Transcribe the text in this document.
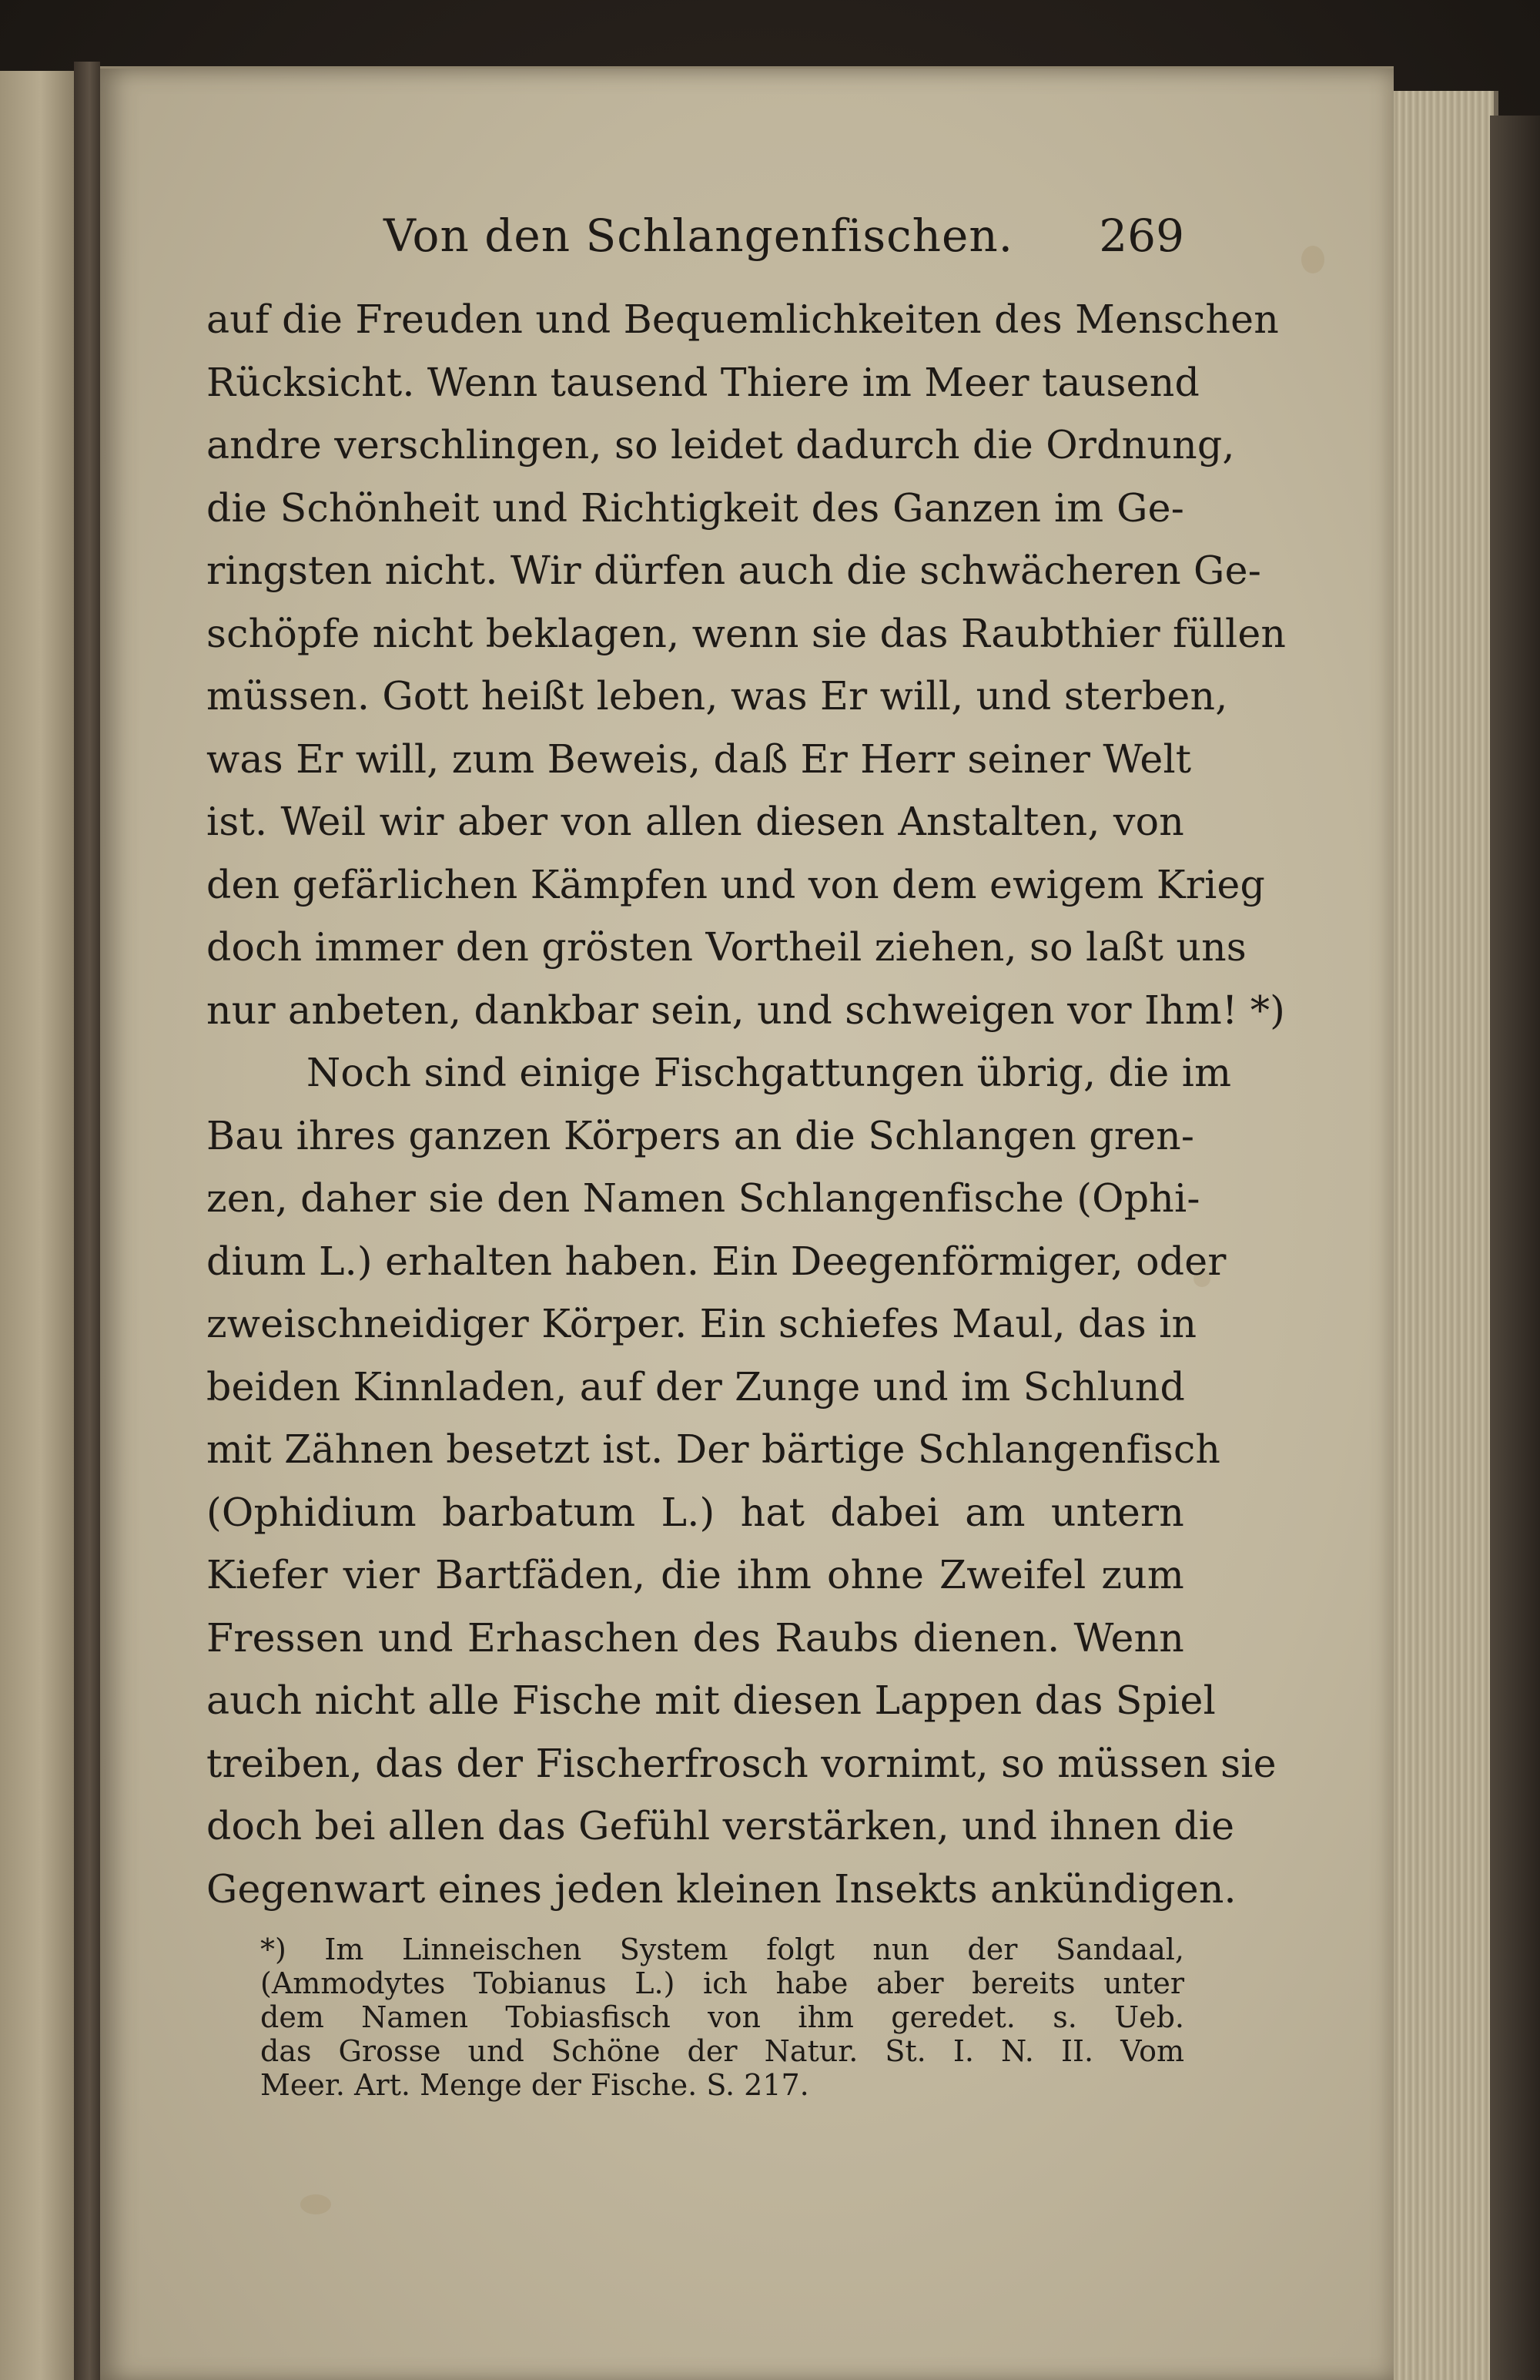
Von den Schlangenfischen. 269
auf die Freuden und Bequemlichkeiten des Menschen
Rücksicht. Wenn tausend Thiere im Meer tausend
andre verschlingen, so leidet dadurch die Ordnung,
die Schönheit und Richtigkeit des Ganzen im Ge-
ringsten nicht. Wir dürfen auch die schwächeren Ge-
schöpfe nicht beklagen, wenn sie das Raubthier füllen
müssen. Gott heißt leben, was Er will, und sterben,
was Er will, zum Beweis, daß Er Herr seiner Welt
ist. Weil wir aber von allen diesen Anstalten, von
den gefärlichen Kämpfen und von dem ewigem Krieg
doch immer den grösten Vortheil ziehen, so laßt uns
nur anbeten, dankbar sein, und schweigen vor Ihm! *)
Noch sind einige Fischgattungen übrig, die im
Bau ihres ganzen Körpers an die Schlangen gren-
zen, daher sie den Namen Schlangenfische (Ophi-
dium L.) erhalten haben. Ein Deegenförmiger, oder
zweischneidiger Körper. Ein schiefes Maul, das in
beiden Kinnladen, auf der Zunge und im Schlund
mit Zähnen besetzt ist. Der bärtige Schlangenfisch
(Ophidium barbatum L.) hat dabei am untern
Kiefer vier Bartfäden, die ihm ohne Zweifel zum
Fressen und Erhaschen des Raubs dienen. Wenn
auch nicht alle Fische mit diesen Lappen das Spiel
treiben, das der Fischerfrosch vornimt, so müssen sie
doch bei allen das Gefühl verstärken, und ihnen die
Gegenwart eines jeden kleinen Insekts ankündigen.
*) Im Linneischen System folgt nun der Sandaal,
(Ammodytes Tobianus L.) ich habe aber bereits unter
dem Namen Tobiasfisch von ihm geredet. s. Ueb.
das Grosse und Schöne der Natur. St. I. N. II. Vom
Meer. Art. Menge der Fische. S. 217.
